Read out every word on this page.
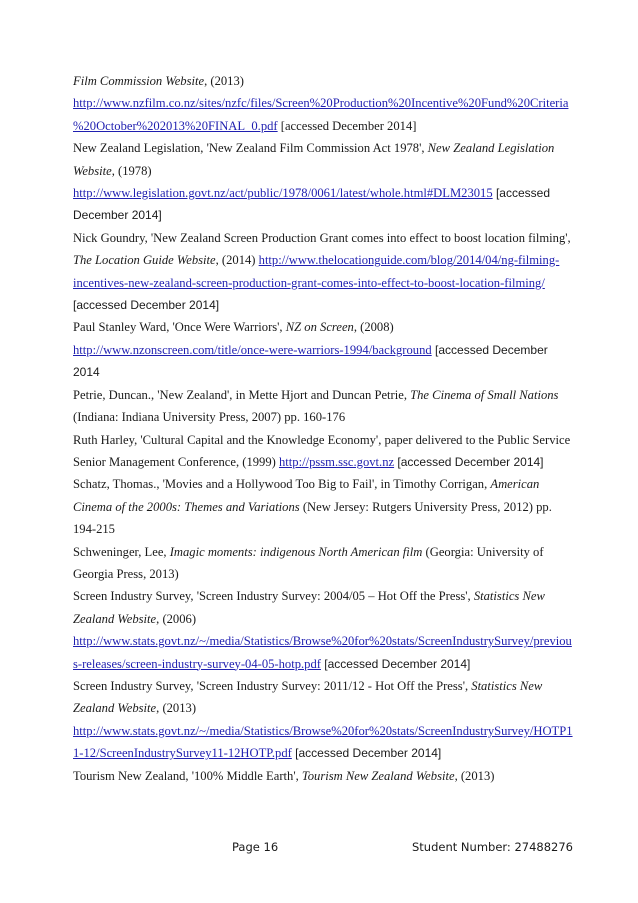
Film Commission Website, (2013)
http://www.nzfilm.co.nz/sites/nzfc/files/Screen%20Production%20Incentive%20Fund%20Criteria
%20October%202013%20FINAL_0.pdf [accessed December 2014]
New Zealand Legislation, 'New Zealand Film Commission Act 1978', New Zealand Legislation
Website, (1978)
http://www.legislation.govt.nz/act/public/1978/0061/latest/whole.html#DLM23015 [accessed
December 2014]
Nick Goundry, 'New Zealand Screen Production Grant comes into effect to boost location filming',
The Location Guide Website, (2014) http://www.thelocationguide.com/blog/2014/04/ng-filming-
incentives-new-zealand-screen-production-grant-comes-into-effect-to-boost-location-filming/
[accessed December 2014]
Paul Stanley Ward, 'Once Were Warriors', NZ on Screen, (2008)
http://www.nzonscreen.com/title/once-were-warriors-1994/background [accessed December
2014
Petrie, Duncan., 'New Zealand', in Mette Hjort and Duncan Petrie, The Cinema of Small Nations
(Indiana: Indiana University Press, 2007) pp. 160-176
Ruth Harley, 'Cultural Capital and the Knowledge Economy', paper delivered to the Public Service
Senior Management Conference, (1999) http://pssm.ssc.govt.nz [accessed December 2014]
Schatz, Thomas., 'Movies and a Hollywood Too Big to Fail', in Timothy Corrigan, American
Cinema of the 2000s: Themes and Variations (New Jersey: Rutgers University Press, 2012) pp.
194-215
Schweninger, Lee, Imagic moments: indigenous North American film (Georgia: University of
Georgia Press, 2013)
Screen Industry Survey, 'Screen Industry Survey: 2004/05 – Hot Off the Press', Statistics New
Zealand Website, (2006)
http://www.stats.govt.nz/~/media/Statistics/Browse%20for%20stats/ScreenIndustrySurvey/previou
s-releases/screen-industry-survey-04-05-hotp.pdf [accessed December 2014]
Screen Industry Survey, 'Screen Industry Survey: 2011/12 - Hot Off the Press', Statistics New
Zealand Website, (2013)
http://www.stats.govt.nz/~/media/Statistics/Browse%20for%20stats/ScreenIndustrySurvey/HOTP1
1-12/ScreenIndustrySurvey11-12HOTP.pdf [accessed December 2014]
Tourism New Zealand, '100% Middle Earth', Tourism New Zealand Website, (2013)
Page 16	Student Number: 27488276
